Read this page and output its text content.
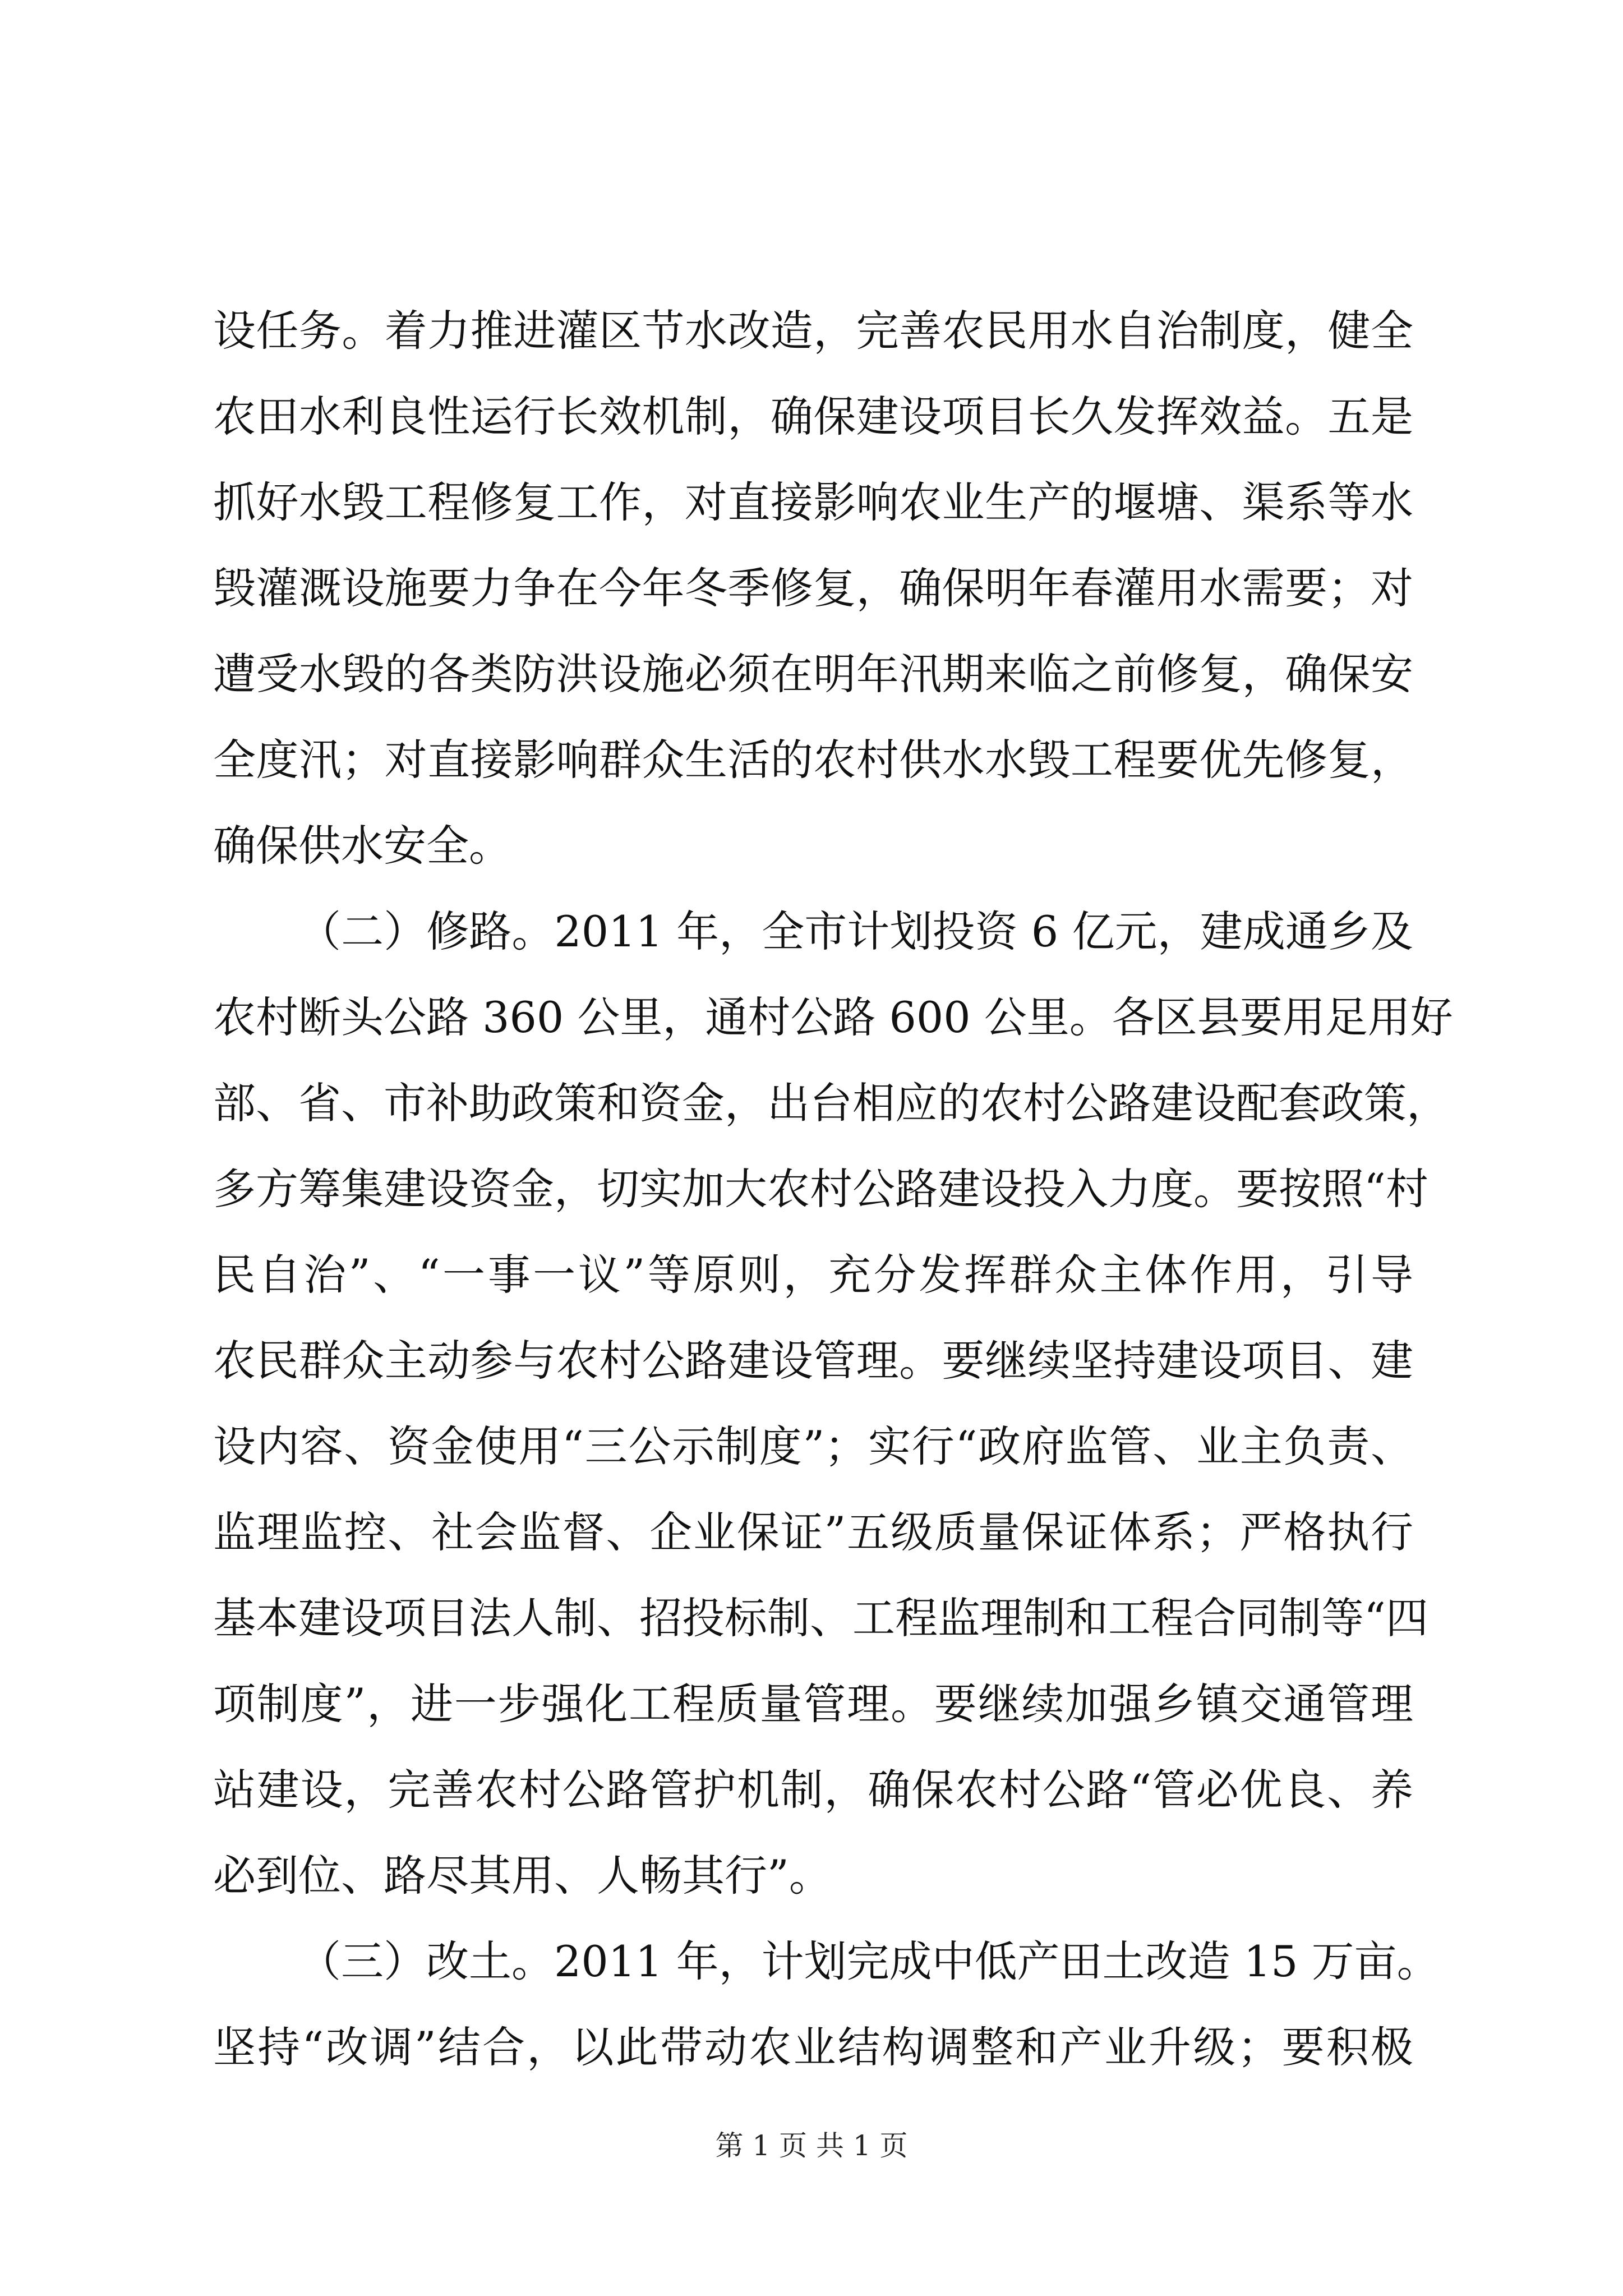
设任务。着力推进灌区节水改造，完善农民用水自治制度，健全
农田水利良性运行长效机制，确保建设项目长久发挥效益。五是
抓好水毁工程修复工作，对直接影响农业生产的堰塘、渠系等水
毁灌溉设施要力争在今年冬季修复，确保明年春灌用水需要；对
遭受水毁的各类防洪设施必须在明年汛期来临之前修复，确保安
全度汛；对直接影响群众生活的农村供水水毁工程要优先修复，
确保供水安全。
（二）修路。2011 年，全市计划投资 6 亿元，建成通乡及
农村断头公路 360 公里，通村公路 600 公里。各区县要用足用好
部、省、市补助政策和资金，出台相应的农村公路建设配套政策，
多方筹集建设资金，切实加大农村公路建设投入力度。要按照“村
民自治”、“一事一议”等原则，充分发挥群众主体作用，引导
农民群众主动参与农村公路建设管理。要继续坚持建设项目、建
设内容、资金使用“三公示制度”；实行“政府监管、业主负责、
监理监控、社会监督、企业保证”五级质量保证体系；严格执行
基本建设项目法人制、招投标制、工程监理制和工程合同制等“四
项制度”，进一步强化工程质量管理。要继续加强乡镇交通管理
站建设，完善农村公路管护机制，确保农村公路“管必优良、养
必到位、路尽其用、人畅其行”。
（三）改土。2011 年，计划完成中低产田土改造 15 万亩。
坚持“改调”结合，以此带动农业结构调整和产业升级；要积极
第 1 页 共 1 页
